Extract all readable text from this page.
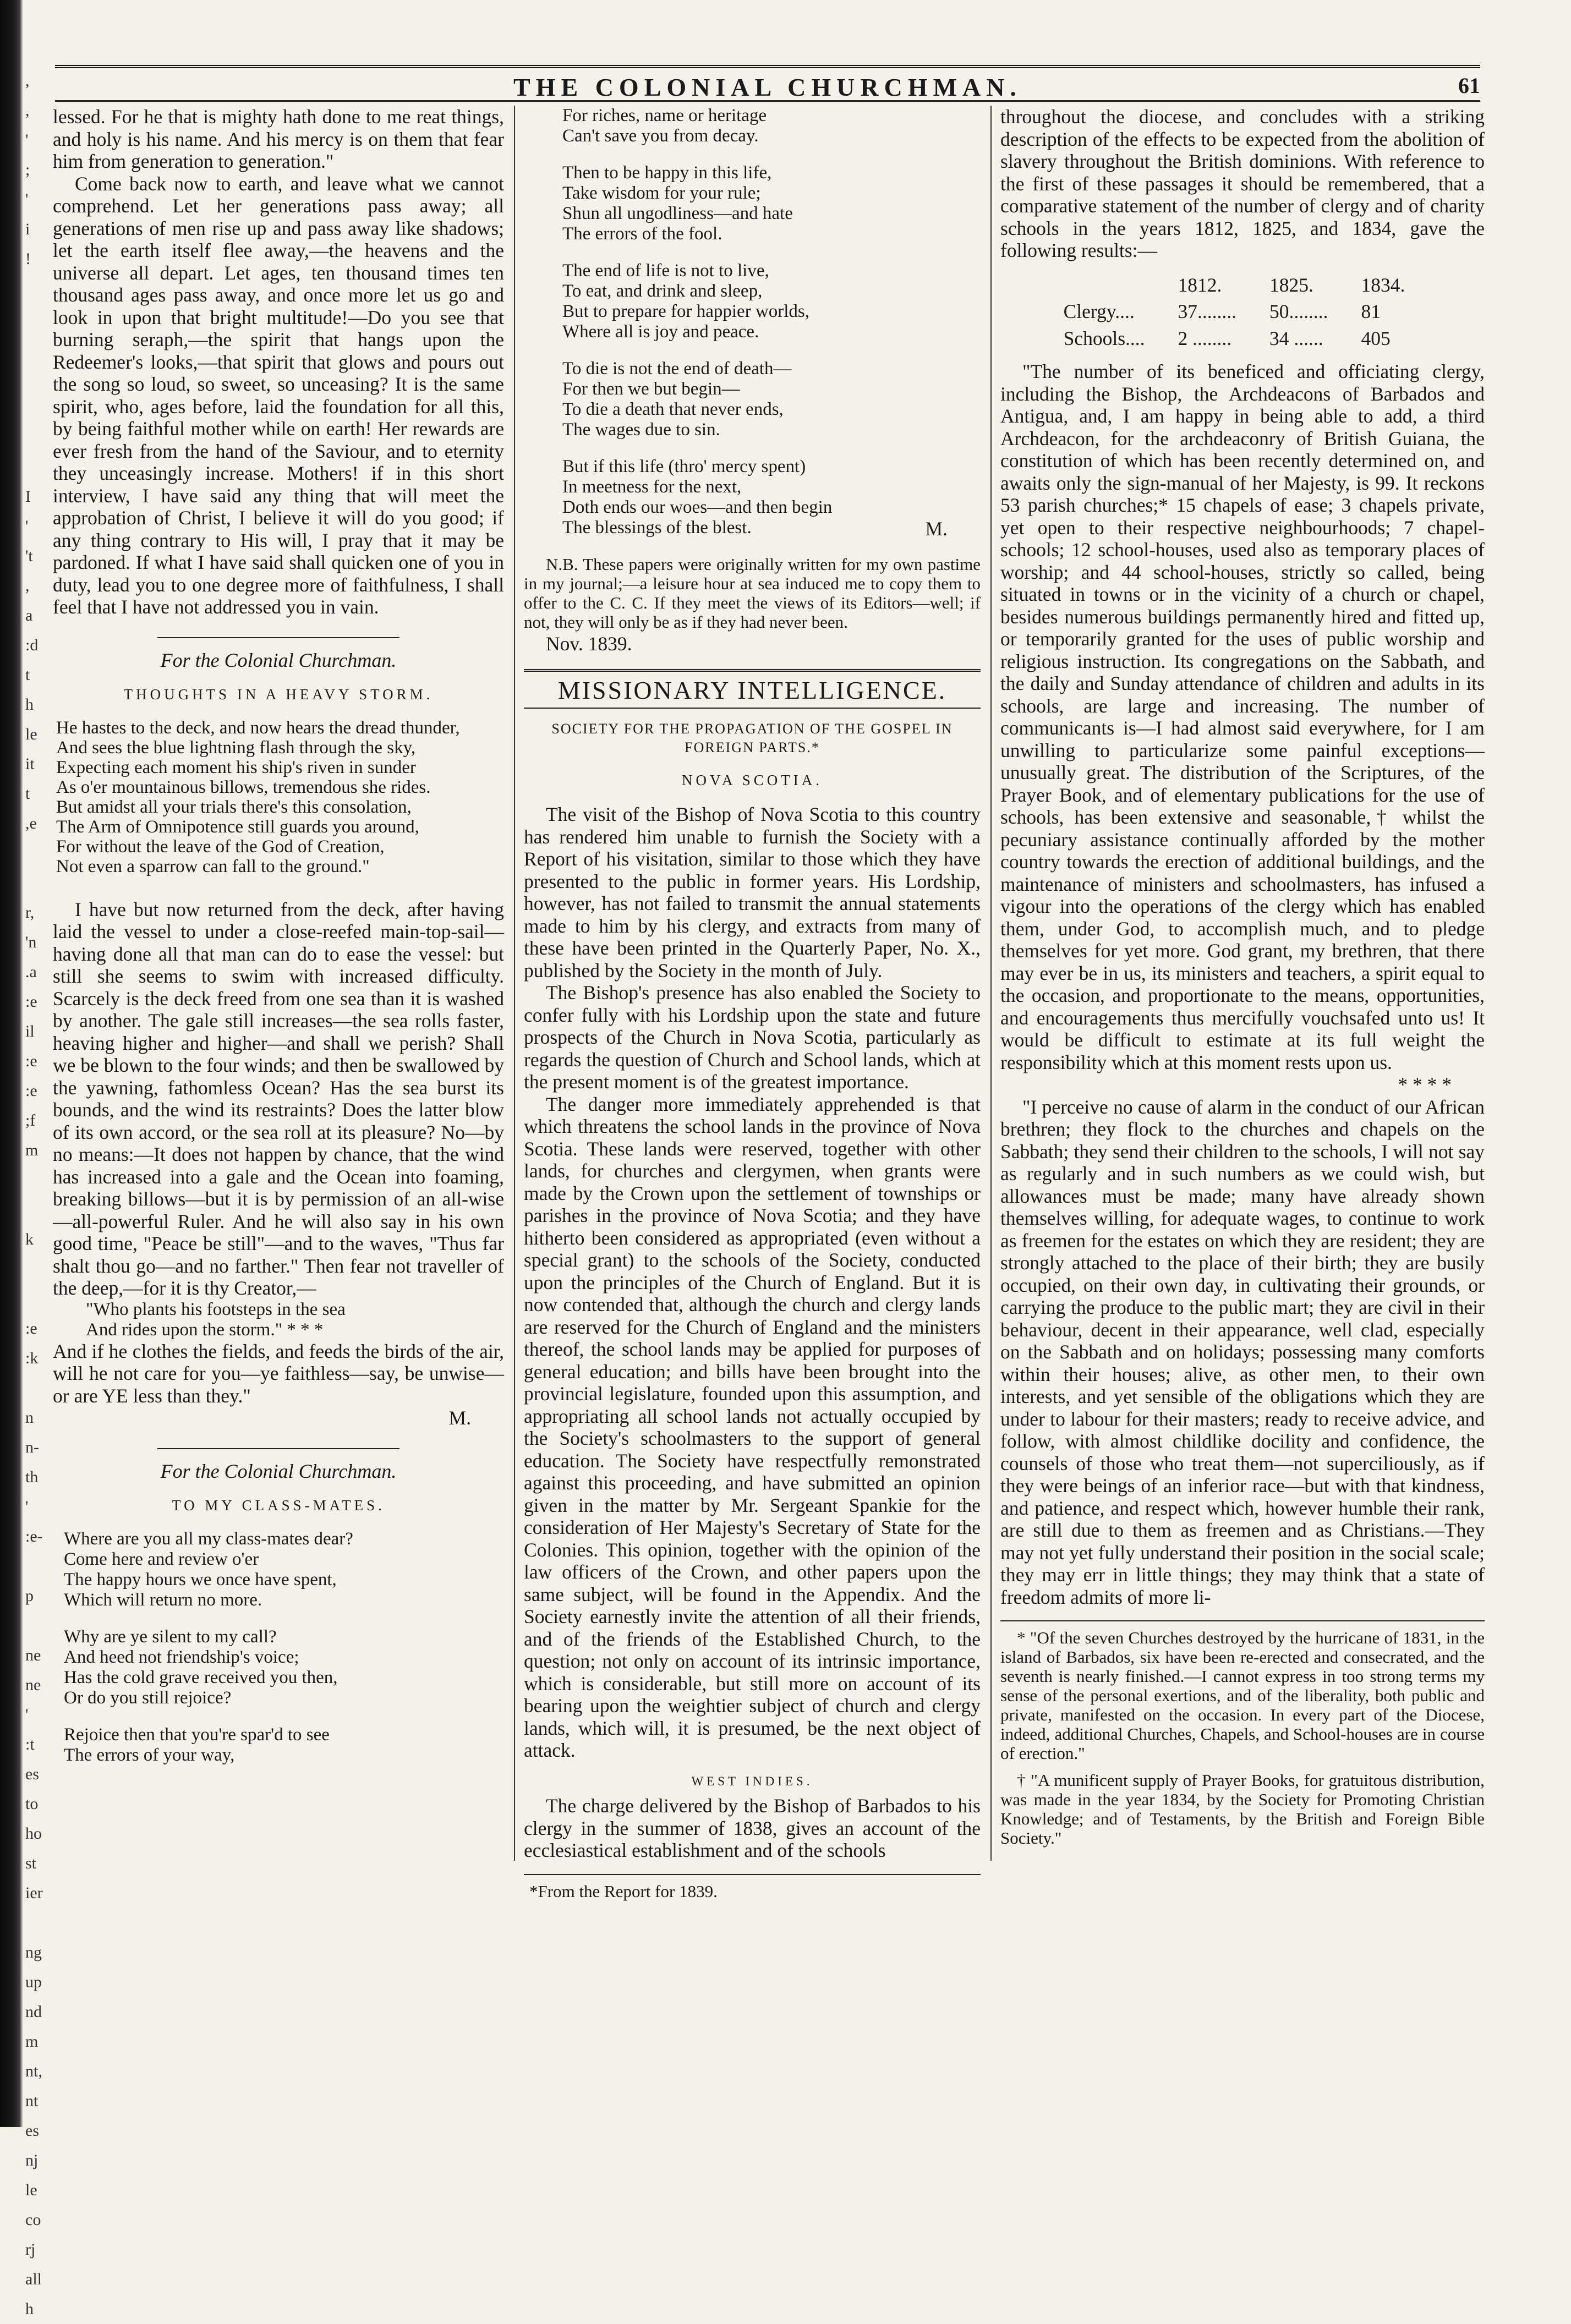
,
,
'
;
'
i
!

I
'
't
,
a
:d
t
h
le
it
t
,e

r,
'n
.a
:e
il
:e
:e
;f
m

k

:e
:k

n
n-
th
'
:e-

p

ne
ne
'
:t
es
to
ho
st
ier

ng
up
nd
m
nt,
nt
es
nj
le
co
rj
all
h
THE COLONIAL CHURCHMAN.	61

lessed. For he that is mighty hath done to me reat things, and holy is his name. And his mercy is on them that fear him from generation to generation."

Come back now to earth, and leave what we cannot comprehend. Let her generations pass away; all generations of men rise up and pass away like shadows; let the earth itself flee away,—the heavens and the universe all depart. Let ages, ten thousand times ten thousand ages pass away, and once more let us go and look in upon that bright multitude!—Do you see that burning seraph,—the spirit that hangs upon the Redeemer's looks,—that spirit that glows and pours out the song so loud, so sweet, so unceasing? It is the same spirit, who, ages before, laid the foundation for all this, by being faithful mother while on earth! Her rewards are ever fresh from the hand of the Saviour, and to eternity they unceasingly increase. Mothers! if in this short interview, I have said any thing that will meet the approbation of Christ, I believe it will do you good; if any thing contrary to His will, I pray that it may be pardoned. If what I have said shall quicken one of you in duty, lead you to one degree more of faithfulness, I shall feel that I have not addressed you in vain.

For the Colonial Churchman.
THOUGHTS IN A HEAVY STORM.
He hastes to the deck, and now hears the dread thunder,
And sees the blue lightning flash through the sky,
Expecting each moment his ship's riven in sunder
As o'er mountainous billows, tremendous she rides.
But amidst all your trials there's this consolation,
The Arm of Omnipotence still guards you around,
For without the leave of the God of Creation,
Not even a sparrow can fall to the ground."

I have but now returned from the deck, after having laid the vessel to under a close-reefed main-top-sail—having done all that man can do to ease the vessel: but still she seems to swim with increased difficulty. Scarcely is the deck freed from one sea than it is washed by another. The gale still increases—the sea rolls faster, heaving higher and higher—and shall we perish? Shall we be blown to the four winds; and then be swallowed by the yawning, fathomless Ocean? Has the sea burst its bounds, and the wind its restraints? Does the latter blow of its own accord, or the sea roll at its pleasure? No—by no means:—It does not happen by chance, that the wind has increased into a gale and the Ocean into foaming, breaking billows—but it is by permission of an all-wise—all-powerful Ruler. And he will also say in his own good time, "Peace be still"—and to the waves, "Thus far shalt thou go—and no farther." Then fear not traveller of the deep,—for it is thy Creator,—

"Who plants his footsteps in the sea
And rides upon the storm." * * *

And if he clothes the fields, and feeds the birds of the air, will he not care for you—ye faithless—say, be unwise—or are YE less than they."

M.
For the Colonial Churchman.
TO MY CLASS-MATES.
Where are you all my class-mates dear?
Come here and review o'er
The happy hours we once have spent,
Which will return no more.
Why are ye silent to my call?
And heed not friendship's voice;
Has the cold grave received you then,
Or do you still rejoice?
Rejoice then that you're spar'd to see
The errors of your way,
For riches, name or heritage
Can't save you from decay.
Then to be happy in this life,
Take wisdom for your rule;
Shun all ungodliness—and hate
The errors of the fool.
The end of life is not to live,
To eat, and drink and sleep,
But to prepare for happier worlds,
Where all is joy and peace.
To die is not the end of death—
For then we but begin—
To die a death that never ends,
The wages due to sin.
But if this life (thro' mercy spent)
In meetness for the next,
Doth ends our woes—and then begin
The blessings of the blest.	M.

N.B. These papers were originally written for my own pastime in my journal;—a leisure hour at sea induced me to copy them to offer to the C. C. If they meet the views of its Editors—well; if not, they will only be as if they had never been.

Nov. 1839.
MISSIONARY INTELLIGENCE.
SOCIETY FOR THE PROPAGATION OF THE GOSPEL IN FOREIGN PARTS.*
NOVA SCOTIA.

The visit of the Bishop of Nova Scotia to this country has rendered him unable to furnish the Society with a Report of his visitation, similar to those which they have presented to the public in former years. His Lordship, however, has not failed to transmit the annual statements made to him by his clergy, and extracts from many of these have been printed in the Quarterly Paper, No. X., published by the Society in the month of July.

The Bishop's presence has also enabled the Society to confer fully with his Lordship upon the state and future prospects of the Church in Nova Scotia, particularly as regards the question of Church and School lands, which at the present moment is of the greatest importance.

The danger more immediately apprehended is that which threatens the school lands in the province of Nova Scotia. These lands were reserved, together with other lands, for churches and clergymen, when grants were made by the Crown upon the settlement of townships or parishes in the province of Nova Scotia; and they have hitherto been considered as appropriated (even without a special grant) to the schools of the Society, conducted upon the principles of the Church of England. But it is now contended that, although the church and clergy lands are reserved for the Church of England and the ministers thereof, the school lands may be applied for purposes of general education; and bills have been brought into the provincial legislature, founded upon this assumption, and appropriating all school lands not actually occupied by the Society's schoolmasters to the support of general education. The Society have respectfully remonstrated against this proceeding, and have submitted an opinion given in the matter by Mr. Sergeant Spankie for the consideration of Her Majesty's Secretary of State for the Colonies. This opinion, together with the opinion of the law officers of the Crown, and other papers upon the same subject, will be found in the Appendix. And the Society earnestly invite the attention of all their friends, and of the friends of the Established Church, to the question; not only on account of its intrinsic importance, which is considerable, but still more on account of its bearing upon the weightier subject of church and clergy lands, which will, it is presumed, be the next object of attack.

WEST INDIES.

The charge delivered by the Bishop of Barbados to his clergy in the summer of 1838, gives an account of the ecclesiastical establishment and of the schools

*From the Report for 1839.

throughout the diocese, and concludes with a striking description of the effects to be expected from the abolition of slavery throughout the British dominions. With reference to the first of these passages it should be remembered, that a comparative statement of the number of clergy and of charity schools in the years 1812, 1825, and 1834, gave the following results:—

	1812.	1825.	1834.
Clergy....	37........	50........	81
Schools....	2 ........	34 ......	405

"The number of its beneficed and officiating clergy, including the Bishop, the Archdeacons of Barbados and Antigua, and, I am happy in being able to add, a third Archdeacon, for the archdeaconry of British Guiana, the constitution of which has been recently determined on, and awaits only the sign-manual of her Majesty, is 99. It reckons 53 parish churches;* 15 chapels of ease; 3 chapels private, yet open to their respective neighbourhoods; 7 chapel-schools; 12 school-houses, used also as temporary places of worship; and 44 school-houses, strictly so called, being situated in towns or in the vicinity of a church or chapel, besides numerous buildings permanently hired and fitted up, or temporarily granted for the uses of public worship and religious instruction. Its congregations on the Sabbath, and the daily and Sunday attendance of children and adults in its schools, are large and increasing. The number of communicants is—I had almost said everywhere, for I am unwilling to particularize some painful exceptions—unusually great. The distribution of the Scriptures, of the Prayer Book, and of elementary publications for the use of schools, has been extensive and seasonable,† whilst the pecuniary assistance continually afforded by the mother country towards the erection of additional buildings, and the maintenance of ministers and schoolmasters, has infused a vigour into the operations of the clergy which has enabled them, under God, to accomplish much, and to pledge themselves for yet more. God grant, my brethren, that there may ever be in us, its ministers and teachers, a spirit equal to the occasion, and proportionate to the means, opportunities, and encouragements thus mercifully vouchsafed unto us! It would be difficult to estimate at its full weight the responsibility which at this moment rests upon us.

* * * *

"I perceive no cause of alarm in the conduct of our African brethren; they flock to the churches and chapels on the Sabbath; they send their children to the schools, I will not say as regularly and in such numbers as we could wish, but allowances must be made; many have already shown themselves willing, for adequate wages, to continue to work as freemen for the estates on which they are resident; they are strongly attached to the place of their birth; they are busily occupied, on their own day, in cultivating their grounds, or carrying the produce to the public mart; they are civil in their behaviour, decent in their appearance, well clad, especially on the Sabbath and on holidays; possessing many comforts within their houses; alive, as other men, to their own interests, and yet sensible of the obligations which they are under to labour for their masters; ready to receive advice, and follow, with almost childlike docility and confidence, the counsels of those who treat them—not superciliously, as if they were beings of an inferior race—but with that kindness, and patience, and respect which, however humble their rank, are still due to them as freemen and as Christians.—They may not yet fully understand their position in the social scale; they may err in little things; they may think that a state of freedom admits of more li-

* "Of the seven Churches destroyed by the hurricane of 1831, in the island of Barbados, six have been re-erected and consecrated, and the seventh is nearly finished.—I cannot express in too strong terms my sense of the personal exertions, and of the liberality, both public and private, manifested on the occasion. In every part of the Diocese, indeed, additional Churches, Chapels, and School-houses are in course of erection."

† "A munificent supply of Prayer Books, for gratuitous distribution, was made in the year 1834, by the Society for Promoting Christian Knowledge; and of Testaments, by the British and Foreign Bible Society."
